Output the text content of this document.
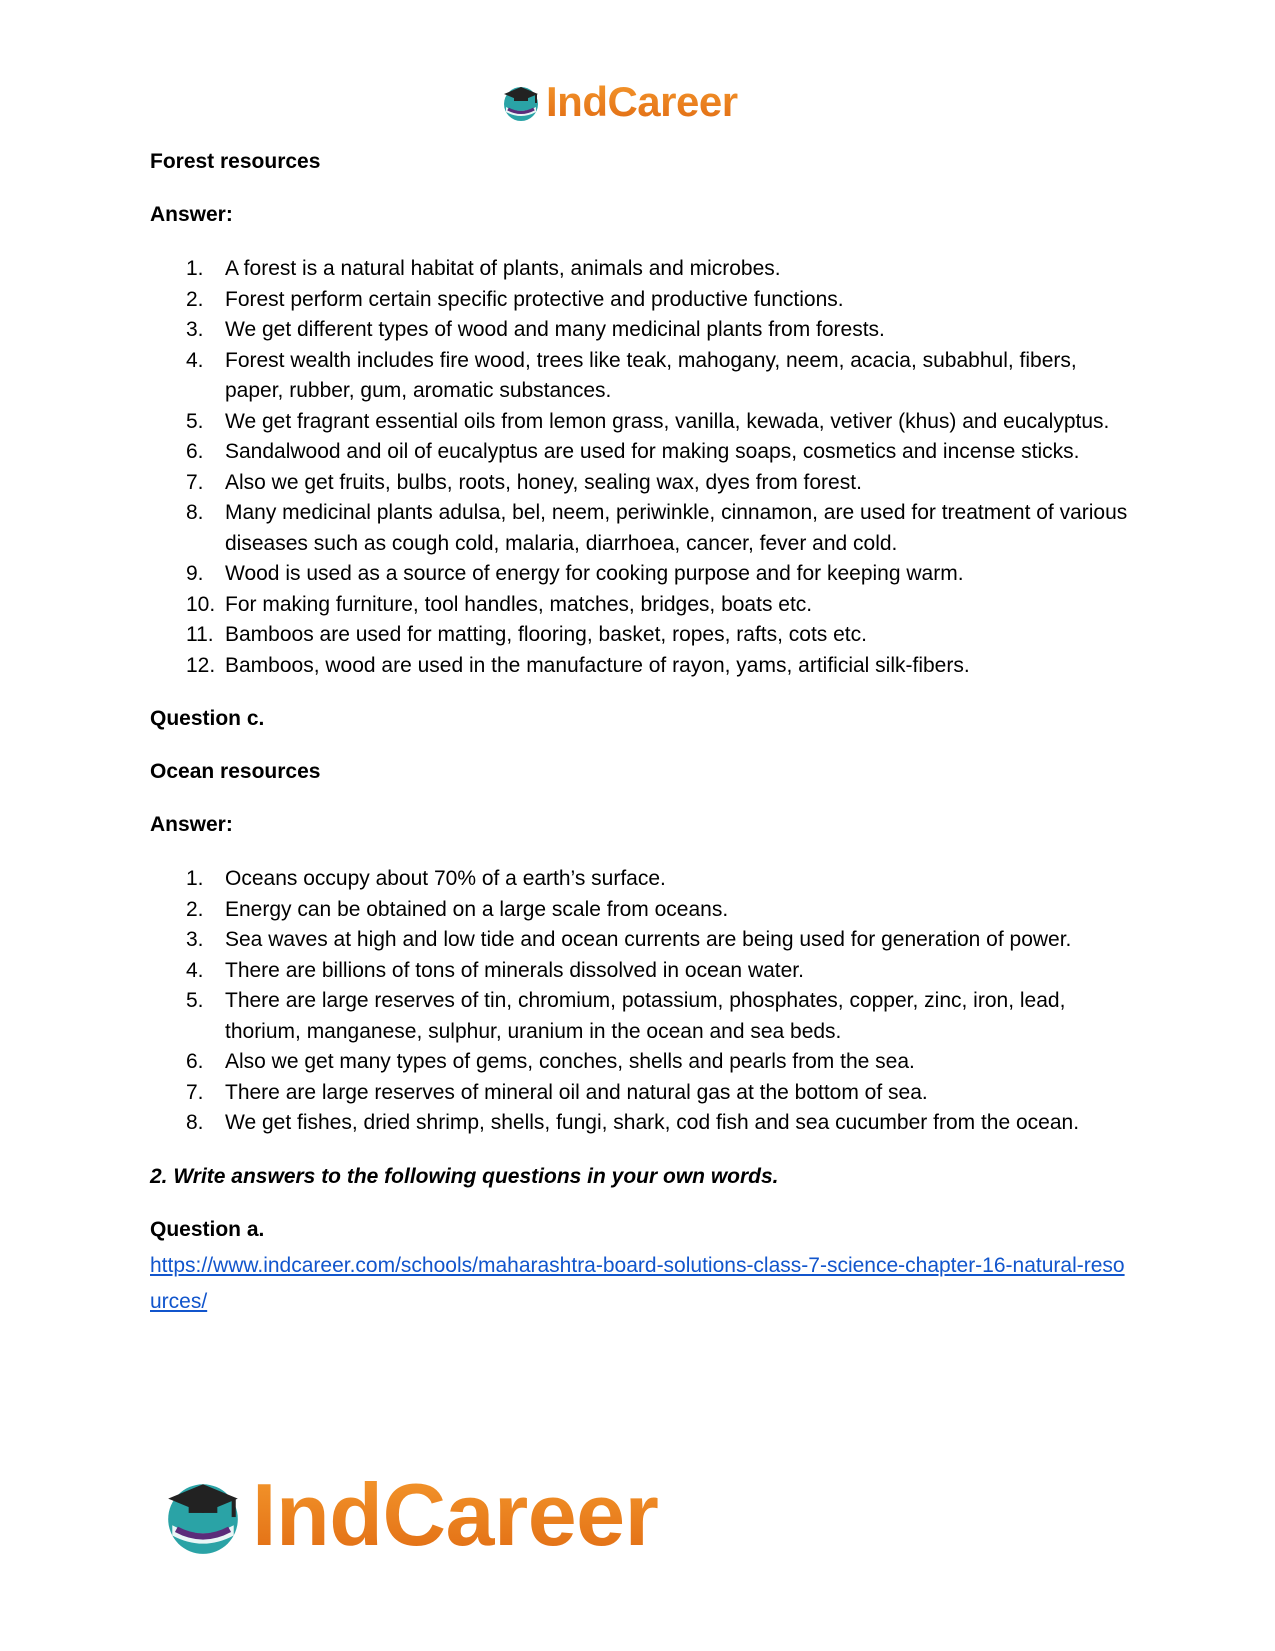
IndCareer

Forest resources

Answer:

1. A forest is a natural habitat of plants, animals and microbes.
2. Forest perform certain specific protective and productive functions.
3. We get different types of wood and many medicinal plants from forests.
4. Forest wealth includes fire wood, trees like teak, mahogany, neem, acacia, subabhul, fibers, paper, rubber, gum, aromatic substances.
5. We get fragrant essential oils from lemon grass, vanilla, kewada, vetiver (khus) and eucalyptus.
6. Sandalwood and oil of eucalyptus are used for making soaps, cosmetics and incense sticks.
7. Also we get fruits, bulbs, roots, honey, sealing wax, dyes from forest.
8. Many medicinal plants adulsa, bel, neem, periwinkle, cinnamon, are used for treatment of various diseases such as cough cold, malaria, diarrhoea, cancer, fever and cold.
9. Wood is used as a source of energy for cooking purpose and for keeping warm.
10. For making furniture, tool handles, matches, bridges, boats etc.
11. Bamboos are used for matting, flooring, basket, ropes, rafts, cots etc.
12. Bamboos, wood are used in the manufacture of rayon, yams, artificial silk-fibers.

Question c.

Ocean resources

Answer:

1. Oceans occupy about 70% of a earth’s surface.
2. Energy can be obtained on a large scale from oceans.
3. Sea waves at high and low tide and ocean currents are being used for generation of power.
4. There are billions of tons of minerals dissolved in ocean water.
5. There are large reserves of tin, chromium, potassium, phosphates, copper, zinc, iron, lead, thorium, manganese, sulphur, uranium in the ocean and sea beds.
6. Also we get many types of gems, conches, shells and pearls from the sea.
7. There are large reserves of mineral oil and natural gas at the bottom of sea.
8. We get fishes, dried shrimp, shells, fungi, shark, cod fish and sea cucumber from the ocean.

2. Write answers to the following questions in your own words.

Question a.

https://www.indcareer.com/schools/maharashtra-board-solutions-class-7-science-chapter-16-natural-resources/
IndCareer
